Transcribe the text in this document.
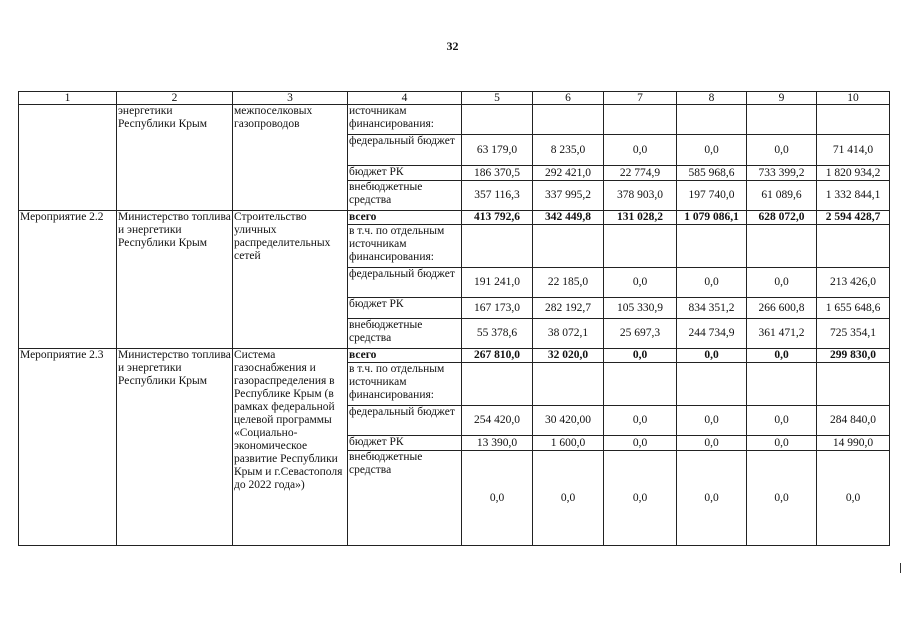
32
1	2	3	4	5	6	7	8	9	10
	энергетики Республики Крым	межпоселковых газопроводов	источникам финансирования:						
			федеральный бюджет	63 179,0	8 235,0	0,0	0,0	0,0	71 414,0
			бюджет РК	186 370,5	292 421,0	22 774,9	585 968,6	733 399,2	1 820 934,2
			внебюджетные средства	357 116,3	337 995,2	378 903,0	197 740,0	61 089,6	1 332 844,1
Мероприятие 2.2	Министерство топлива и энергетики Республики Крым	Строительство уличных распределительных сетей	всего	413 792,6	342 449,8	131 028,2	1 079 086,1	628 072,0	2 594 428,7
			в т.ч. по отдельным источникам финансирования:						
			федеральный бюджет	191 241,0	22 185,0	0,0	0,0	0,0	213 426,0
			бюджет РК	167 173,0	282 192,7	105 330,9	834 351,2	266 600,8	1 655 648,6
			внебюджетные средства	55 378,6	38 072,1	25 697,3	244 734,9	361 471,2	725 354,1
Мероприятие 2.3	Министерство топлива и энергетики Республики Крым	Система газоснабжения и газораспределения в Республике Крым (в рамках федеральной целевой программы «Социально-экономическое развитие Республики Крым и г.Севастополя до 2022 года»)	всего	267 810,0	32 020,0	0,0	0,0	0,0	299 830,0
			в т.ч. по отдельным источникам финансирования:						
			федеральный бюджет	254 420,0	30 420,00	0,0	0,0	0,0	284 840,0
			бюджет РК	13 390,0	1 600,0	0,0	0,0	0,0	14 990,0
			внебюджетные средства	0,0	0,0	0,0	0,0	0,0	0,0
